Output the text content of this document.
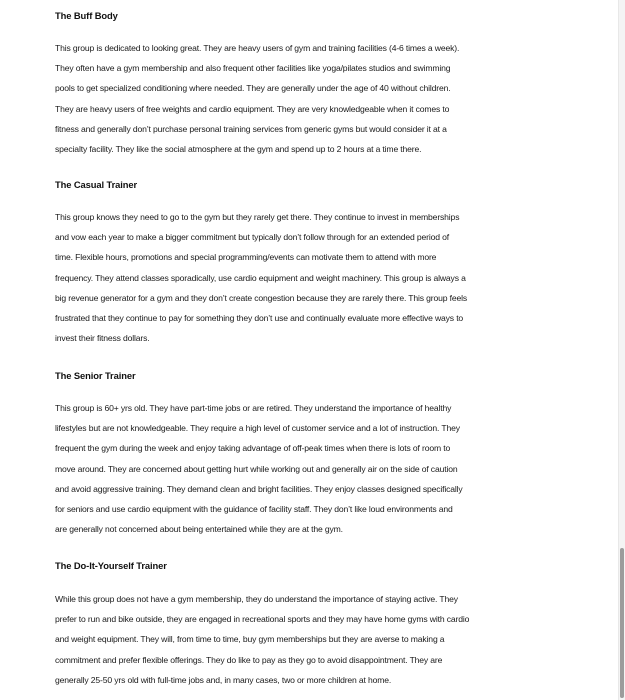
The Buff Body

This group is dedicated to looking great. They are heavy users of gym and training facilities (4-6 times a week).
They often have a gym membership and also frequent other facilities like yoga/pilates studios and swimming
pools to get specialized conditioning where needed. They are generally under the age of 40 without children.
They are heavy users of free weights and cardio equipment. They are very knowledgeable when it comes to
fitness and generally don’t purchase personal training services from generic gyms but would consider it at a
specialty facility. They like the social atmosphere at the gym and spend up to 2 hours at a time there.

The Casual Trainer

This group knows they need to go to the gym but they rarely get there. They continue to invest in memberships
and vow each year to make a bigger commitment but typically don’t follow through for an extended period of
time. Flexible hours, promotions and special programming/events can motivate them to attend with more
frequency. They attend classes sporadically, use cardio equipment and weight machinery. This group is always a
big revenue generator for a gym and they don’t create congestion because they are rarely there. This group feels
frustrated that they continue to pay for something they don’t use and continually evaluate more effective ways to
invest their fitness dollars.

The Senior Trainer

This group is 60+ yrs old. They have part-time jobs or are retired. They understand the importance of healthy
lifestyles but are not knowledgeable. They require a high level of customer service and a lot of instruction. They
frequent the gym during the week and enjoy taking advantage of off-peak times when there is lots of room to
move around. They are concerned about getting hurt while working out and generally air on the side of caution
and avoid aggressive training. They demand clean and bright facilities. They enjoy classes designed specifically
for seniors and use cardio equipment with the guidance of facility staff. They don’t like loud environments and
are generally not concerned about being entertained while they are at the gym.

The Do-It-Yourself Trainer

While this group does not have a gym membership, they do understand the importance of staying active. They
prefer to run and bike outside, they are engaged in recreational sports and they may have home gyms with cardio
and weight equipment. They will, from time to time, buy gym memberships but they are averse to making a
commitment and prefer flexible offerings. They do like to pay as they go to avoid disappointment. They are
generally 25-50 yrs old with full-time jobs and, in many cases, two or more children at home.
